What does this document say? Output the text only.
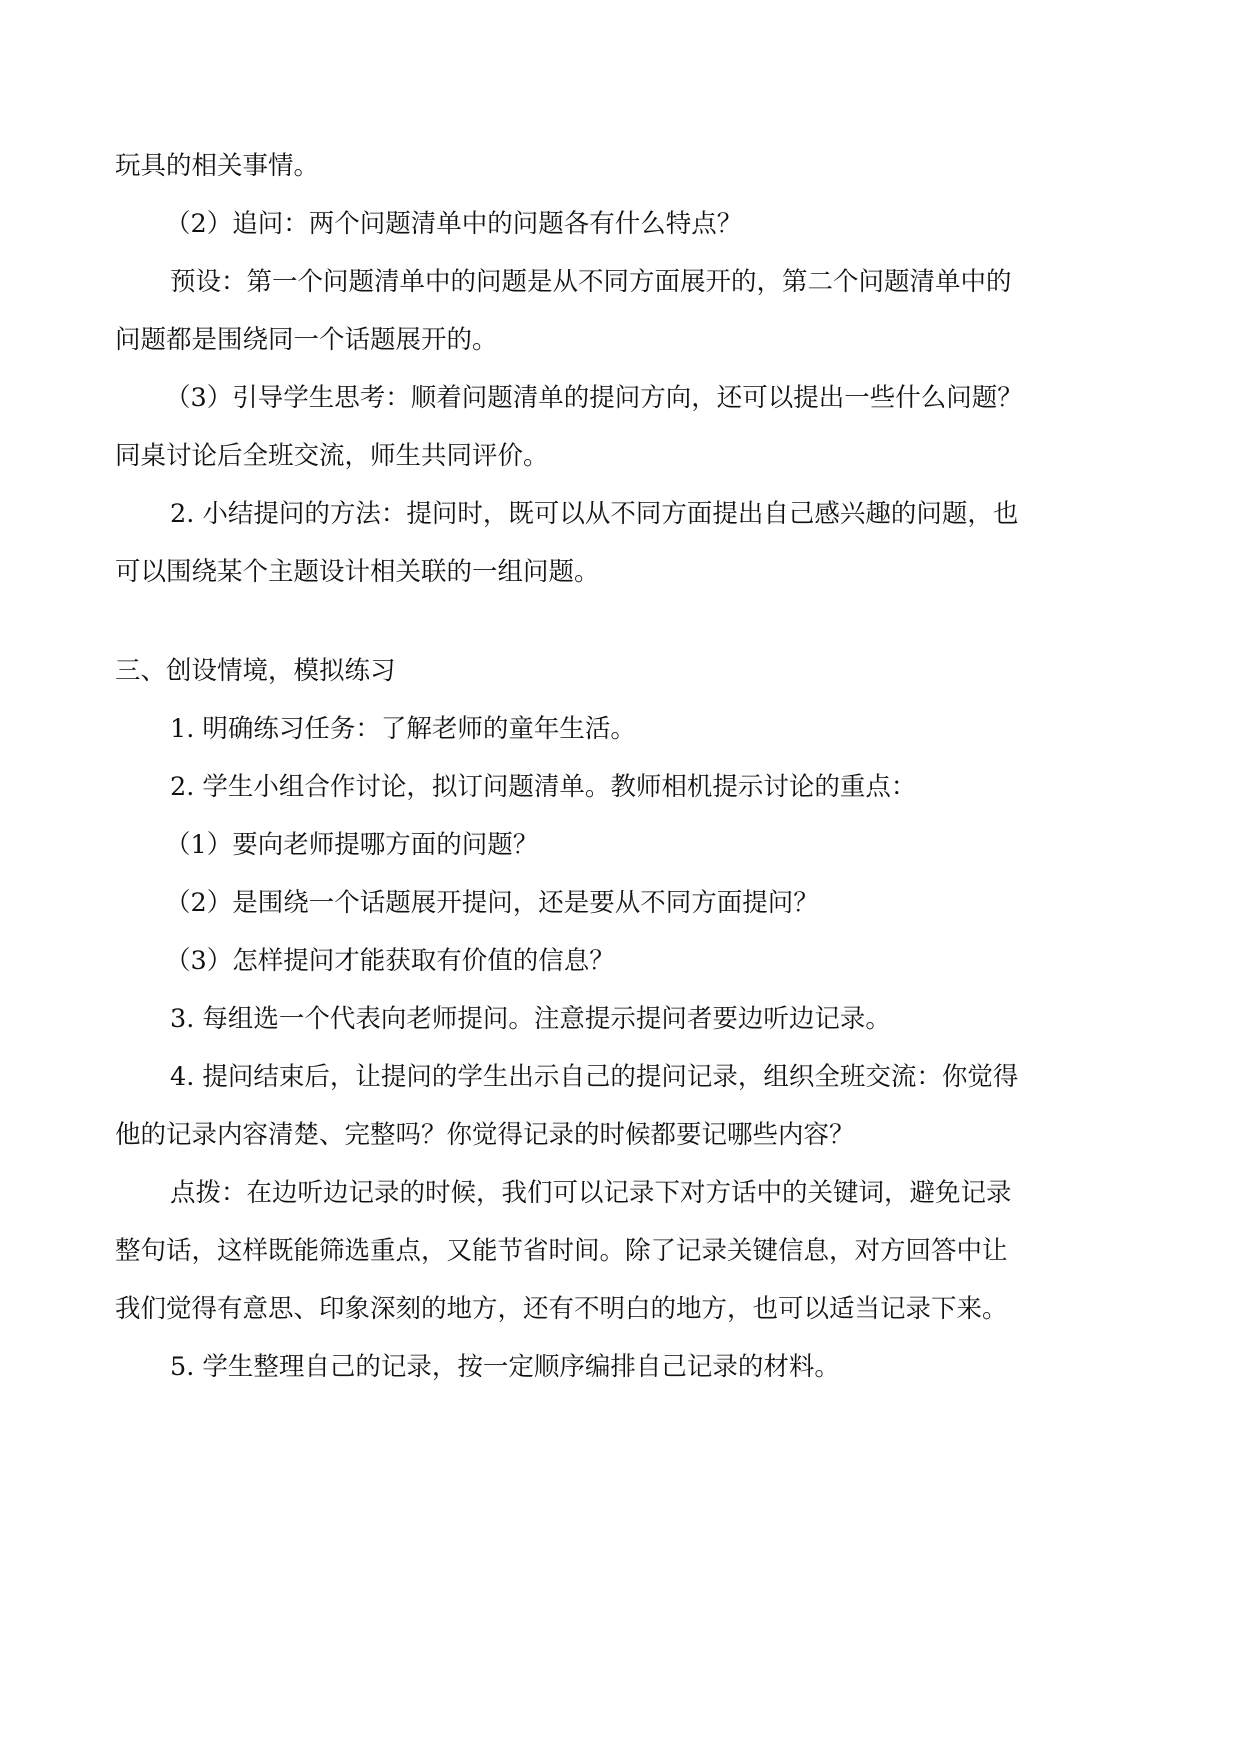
玩具的相关事情。
（2）追问：两个问题清单中的问题各有什么特点？
预设：第一个问题清单中的问题是从不同方面展开的，第二个问题清单中的
问题都是围绕同一个话题展开的。
（3）引导学生思考：顺着问题清单的提问方向，还可以提出一些什么问题？
同桌讨论后全班交流，师生共同评价。
2. 小结提问的方法：提问时，既可以从不同方面提出自己感兴趣的问题，也
可以围绕某个主题设计相关联的一组问题。
三、创设情境，模拟练习
1. 明确练习任务：了解老师的童年生活。
2. 学生小组合作讨论，拟订问题清单。教师相机提示讨论的重点：
（1）要向老师提哪方面的问题？
（2）是围绕一个话题展开提问，还是要从不同方面提问？
（3）怎样提问才能获取有价值的信息？
3. 每组选一个代表向老师提问。注意提示提问者要边听边记录。
4. 提问结束后，让提问的学生出示自己的提问记录，组织全班交流：你觉得
他的记录内容清楚、完整吗？你觉得记录的时候都要记哪些内容？
点拨：在边听边记录的时候，我们可以记录下对方话中的关键词，避免记录
整句话，这样既能筛选重点，又能节省时间。除了记录关键信息，对方回答中让
我们觉得有意思、印象深刻的地方，还有不明白的地方，也可以适当记录下来。
5. 学生整理自己的记录，按一定顺序编排自己记录的材料。
